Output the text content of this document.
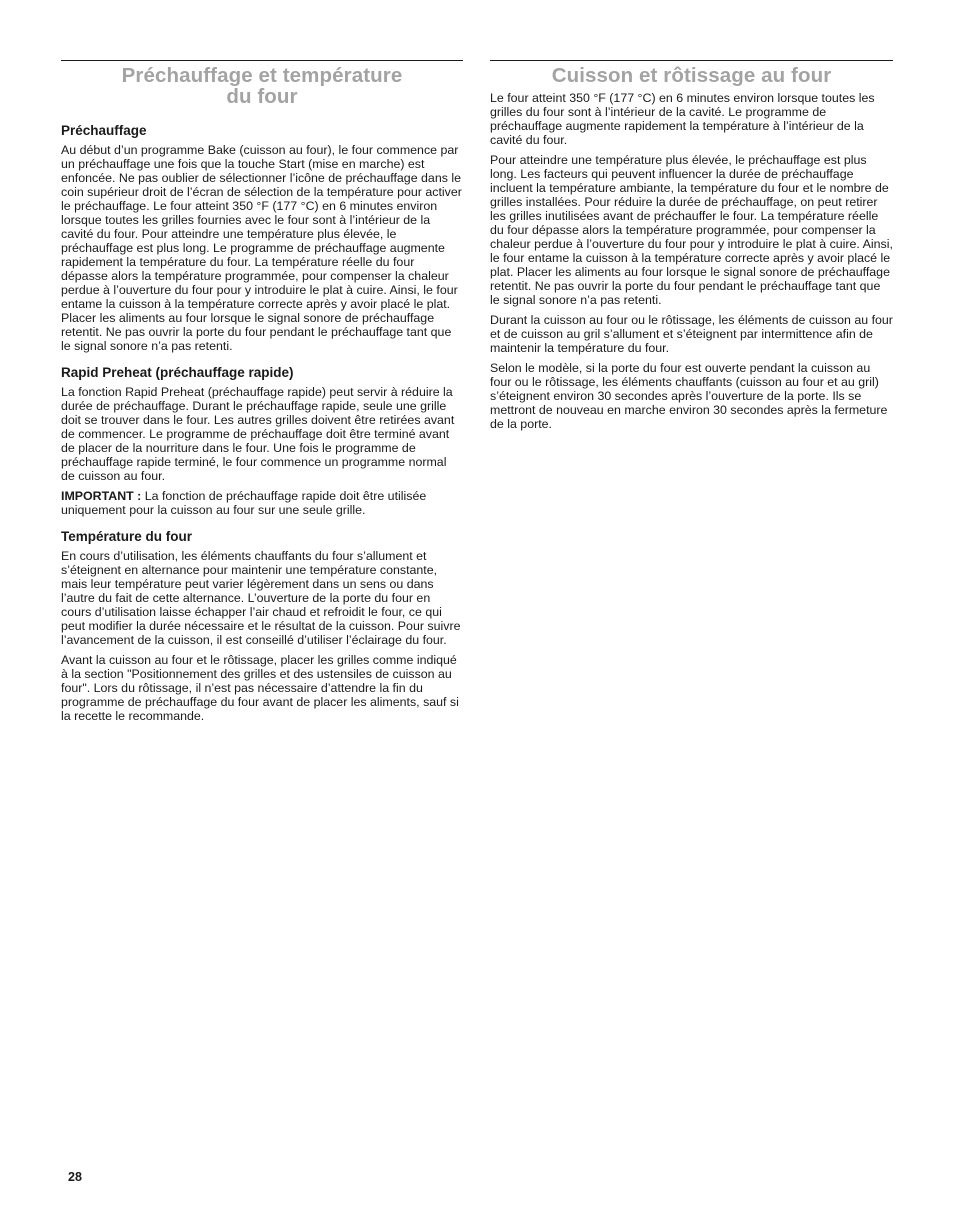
Préchauffage et température
du four
Préchauffage

Au début d’un programme Bake (cuisson au four), le four commence par un préchauffage une fois que la touche Start (mise en marche) est enfoncée. Ne pas oublier de sélectionner l’icône de préchauffage dans le coin supérieur droit de l’écran de sélection de la température pour activer le préchauffage. Le four atteint 350 °F (177 °C) en 6 minutes environ lorsque toutes les grilles fournies avec le four sont à l’intérieur de la cavité du four. Pour atteindre une température plus élevée, le préchauffage est plus long. Le programme de préchauffage augmente rapidement la température du four. La température réelle du four dépasse alors la température programmée, pour compenser la chaleur perdue à l’ouverture du four pour y introduire le plat à cuire. Ainsi, le four entame la cuisson à la température correcte après y avoir placé le plat. Placer les aliments au four lorsque le signal sonore de préchauffage retentit. Ne pas ouvrir la porte du four pendant le préchauffage tant que le signal sonore n’a pas retenti.

Rapid Preheat (préchauffage rapide)

La fonction Rapid Preheat (préchauffage rapide) peut servir à réduire la durée de préchauffage. Durant le préchauffage rapide, seule une grille doit se trouver dans le four. Les autres grilles doivent être retirées avant de commencer. Le programme de préchauffage doit être terminé avant de placer de la nourriture dans le four. Une fois le programme de préchauffage rapide terminé, le four commence un programme normal de cuisson au four.

IMPORTANT : La fonction de préchauffage rapide doit être utilisée uniquement pour la cuisson au four sur une seule grille.

Température du four

En cours d’utilisation, les éléments chauffants du four s’allument et s’éteignent en alternance pour maintenir une température constante, mais leur température peut varier légèrement dans un sens ou dans l’autre du fait de cette alternance. L’ouverture de la porte du four en cours d’utilisation laisse échapper l’air chaud et refroidit le four, ce qui peut modifier la durée nécessaire et le résultat de la cuisson. Pour suivre l’avancement de la cuisson, il est conseillé d’utiliser l’éclairage du four.

Avant la cuisson au four et le rôtissage, placer les grilles comme indiqué à la section "Positionnement des grilles et des ustensiles de cuisson au four". Lors du rôtissage, il n’est pas nécessaire d’attendre la fin du programme de préchauffage du four avant de placer les aliments, sauf si la recette le recommande.

Cuisson et rôtissage au four

Le four atteint 350 °F (177 °C) en 6 minutes environ lorsque toutes les grilles du four sont à l’intérieur de la cavité. Le programme de préchauffage augmente rapidement la température à l’intérieur de la cavité du four.

Pour atteindre une température plus élevée, le préchauffage est plus long. Les facteurs qui peuvent influencer la durée de préchauffage incluent la température ambiante, la température du four et le nombre de grilles installées. Pour réduire la durée de préchauffage, on peut retirer les grilles inutilisées avant de préchauffer le four. La température réelle du four dépasse alors la température programmée, pour compenser la chaleur perdue à l’ouverture du four pour y introduire le plat à cuire. Ainsi, le four entame la cuisson à la température correcte après y avoir placé le plat. Placer les aliments au four lorsque le signal sonore de préchauffage retentit. Ne pas ouvrir la porte du four pendant le préchauffage tant que le signal sonore n’a pas retenti.

Durant la cuisson au four ou le rôtissage, les éléments de cuisson au four et de cuisson au gril s’allument et s’éteignent par intermittence afin de maintenir la température du four.

Selon le modèle, si la porte du four est ouverte pendant la cuisson au four ou le rôtissage, les éléments chauffants (cuisson au four et au gril) s’éteignent environ 30 secondes après l’ouverture de la porte. Ils se mettront de nouveau en marche environ 30 secondes après la fermeture de la porte.

28
